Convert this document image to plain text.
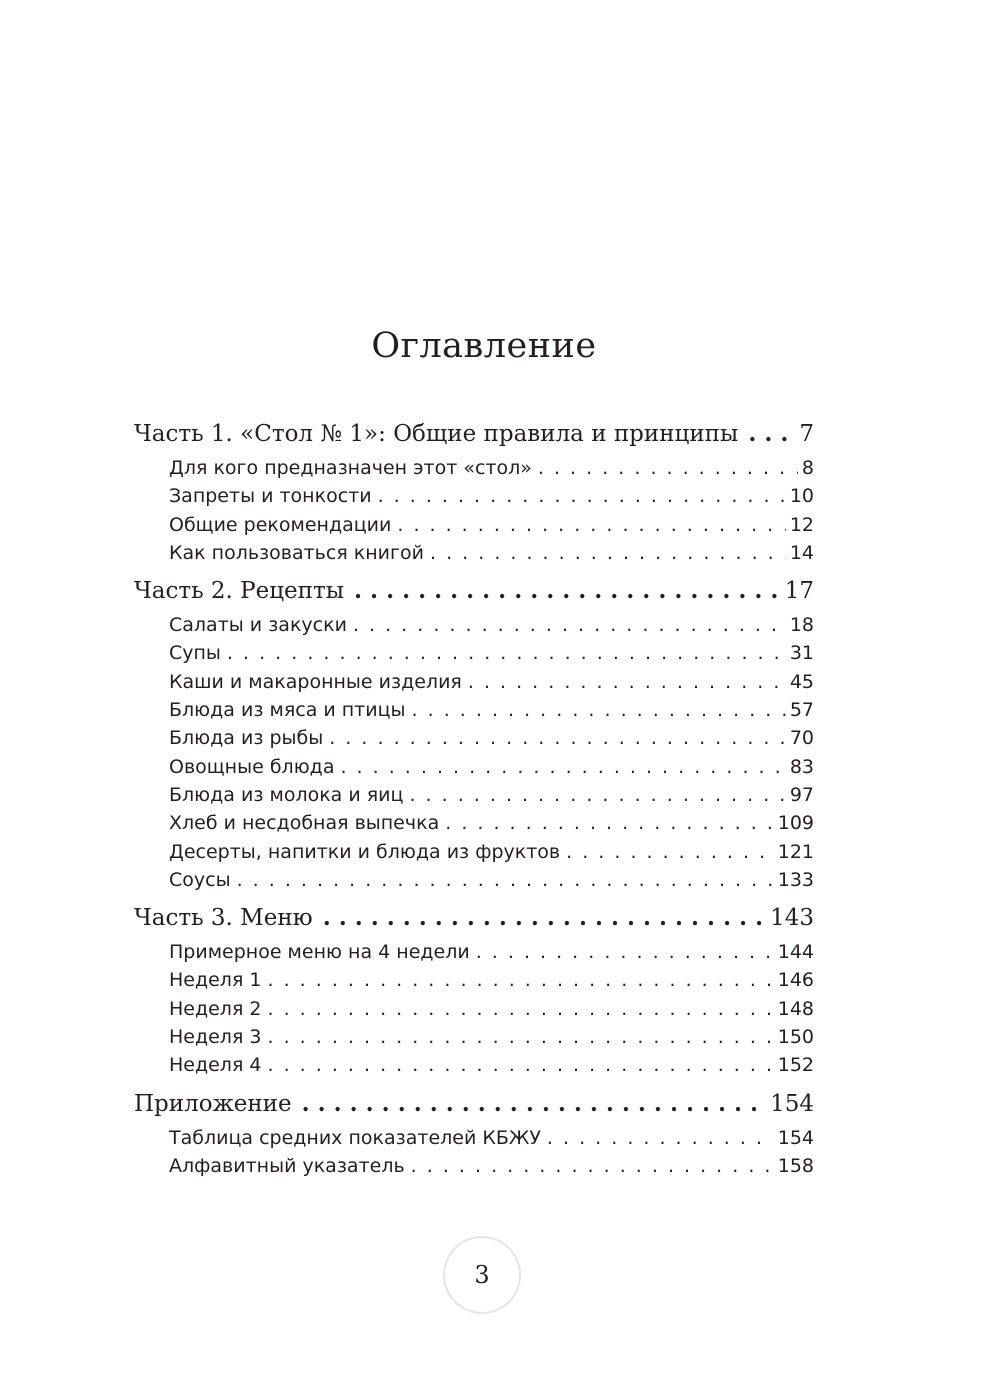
Оглавление
Часть 1. «Стол № 1»: Общие правила и принципы . . .	7
Для кого предназначен этот «стол» . . .	8
Запреты и тонкости . . .	10
Общие рекомендации . . .	12
Как пользоваться книгой . . .	14
Часть 2. Рецепты . . .	17
Салаты и закуски . . .	18
Супы . . .	31
Каши и макаронные изделия . . .	45
Блюда из мяса и птицы . . .	57
Блюда из рыбы . . .	70
Овощные блюда . . .	83
Блюда из молока и яиц . . .	97
Хлеб и несдобная выпечка . . .	109
Десерты, напитки и блюда из фруктов . . .	121
Соусы . . .	133
Часть 3. Меню . . .	143
Примерное меню на 4 недели . . .	144
Неделя 1 . . .	146
Неделя 2 . . .	148
Неделя 3 . . .	150
Неделя 4 . . .	152
Приложение . . .	154
Таблица средних показателей КБЖУ . . .	154
Алфавитный указатель . . .	158
3
